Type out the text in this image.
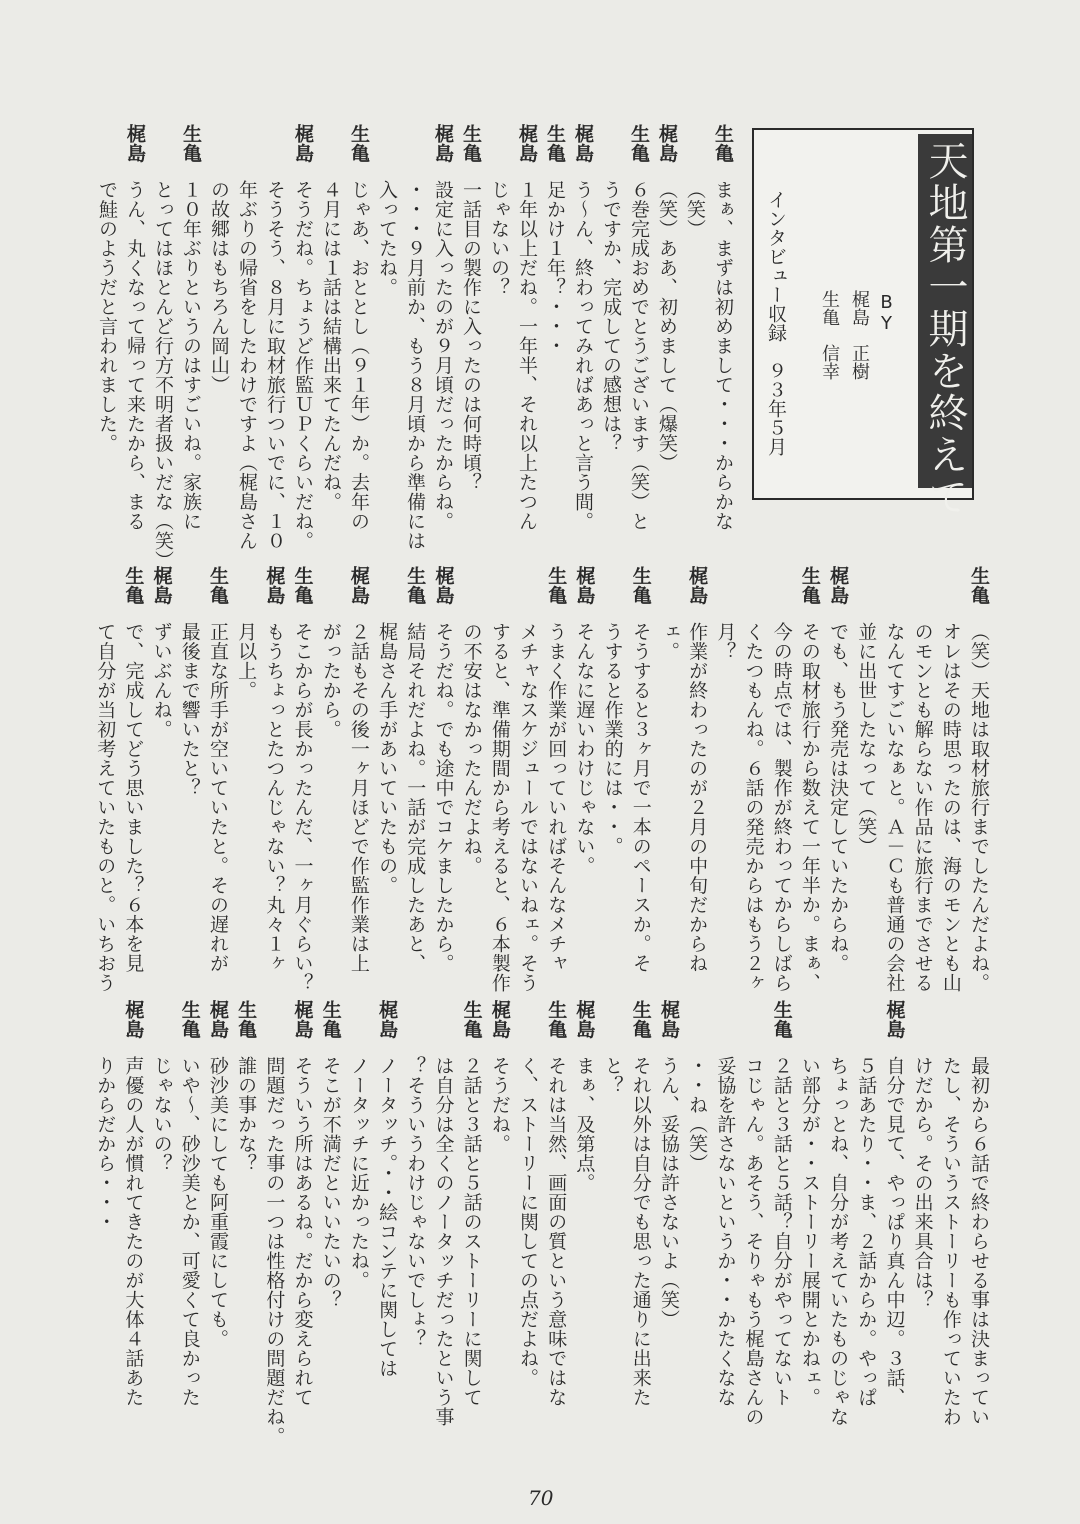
天地第一期を終えて
BY
梶島　正樹
生亀　信幸
インタビュー収録　９３年５月
生亀まぁ、まずは初めまして・・・からかな
（笑）
梶島（笑）ああ、初めまして（爆笑）
生亀６巻完成おめでとうございます（笑）と
うですか、完成しての感想は？
梶島う～ん、終わってみればあっと言う間。
生亀足かけ１年？・・・
梶島１年以上だね。一年半、それ以上たつん
じゃないの？
生亀一話目の製作に入ったのは何時頃？
梶島設定に入ったのが９月頃だったからね。
・・・９月前か、もう８月頃から準備には
入ってたね。
生亀じゃあ、おととし（９１年）か。去年の
４月には１話は結構出来てたんだね。
梶島そうだね。ちょうど作監ＵＰくらいだね。
そうそう、８月に取材旅行ついでに、１０
年ぶりの帰省をしたわけですよ（梶島さん
の故郷はもちろん岡山）
生亀１０年ぶりというのはすごいね。家族に
とってはほとんど行方不明者扱いだな（笑）
梶島うん、丸くなって帰って来たから、まる
で鮭のようだと言われました。
生亀（笑）天地は取材旅行までしたんだよね。
オレはその時思ったのは、海のモンとも山
のモンとも解らない作品に旅行までさせる
なんてすごいなぁと。Ａ－Ｃも普通の会社
並に出世したなって（笑）
梶島でも、もう発売は決定していたからね。
生亀その取材旅行から数えて一年半か。まぁ、
今の時点では、製作が終わってからしばら
くたつもんね。６話の発売からはもう２ヶ
月？
梶島作業が終わったのが２月の中旬だからね
ェ。
生亀そうすると３ヶ月で一本のペースか。そ
うすると作業的には・・。
梶島そんなに遅いわけじゃない。
生亀うまく作業が回っていればそんなメチャ
メチャなスケジュールではないねェ。そう
すると、準備期間から考えると、６本製作
の不安はなかったんだよね。
梶島そうだね。でも途中でコケましたから。
生亀結局それだよね。一話が完成したあと、
梶島さん手があいていたもの。
梶島２話もその後一ヶ月ほどで作監作業は上
がったから。
生亀そこからが長かったんだ、一ヶ月ぐらい？
梶島もうちょっとたつんじゃない？丸々１ヶ
月以上。
生亀正直な所手が空いていたと。その遅れが
最後まで響いたと？
梶島ずいぶんね。
生亀で、完成してどう思いました？６本を見
て自分が当初考えていたものと。いちおう
最初から６話で終わらせる事は決まってい
たし、そういうストーリーも作っていたわ
けだから。その出来具合は？
梶島自分で見て、やっぱり真ん中辺。３話、
５話あたり・・ま、２話からか。やっぱ
ちょっとね、自分が考えていたものじゃな
い部分が・・ストーリー展開とかねェ。
生亀２話と３話と５話？自分がやってないト
コじゃん。あそう、そりゃもう梶島さんの
妥協を許さないというか・・かたくなな
・・ね（笑）
梶島うん、妥協は許さないよ（笑）
生亀それ以外は自分でも思った通りに出来た
と？
梶島まぁ、及第点。
生亀それは当然、画面の質という意味ではな
く、ストーリーに関しての点だよね。
梶島そうだね。
生亀２話と３話と５話のストーリーに関して
は自分は全くのノータッチだったという事
？そういうわけじゃないでしょ？
梶島ノータッチ。・・絵コンテに関しては
ノータッチに近かったね。
生亀そこが不満だといいたいの？
梶島そういう所はあるね。だから変えられて
問題だった事の一つは性格付けの問題だね。
生亀誰の事かな？
梶島砂沙美にしても阿重霞にしても。
生亀いや～、砂沙美とか、可愛くて良かった
じゃないの？
梶島声優の人が慣れてきたのが大体４話あた
りからだから・・・
70
